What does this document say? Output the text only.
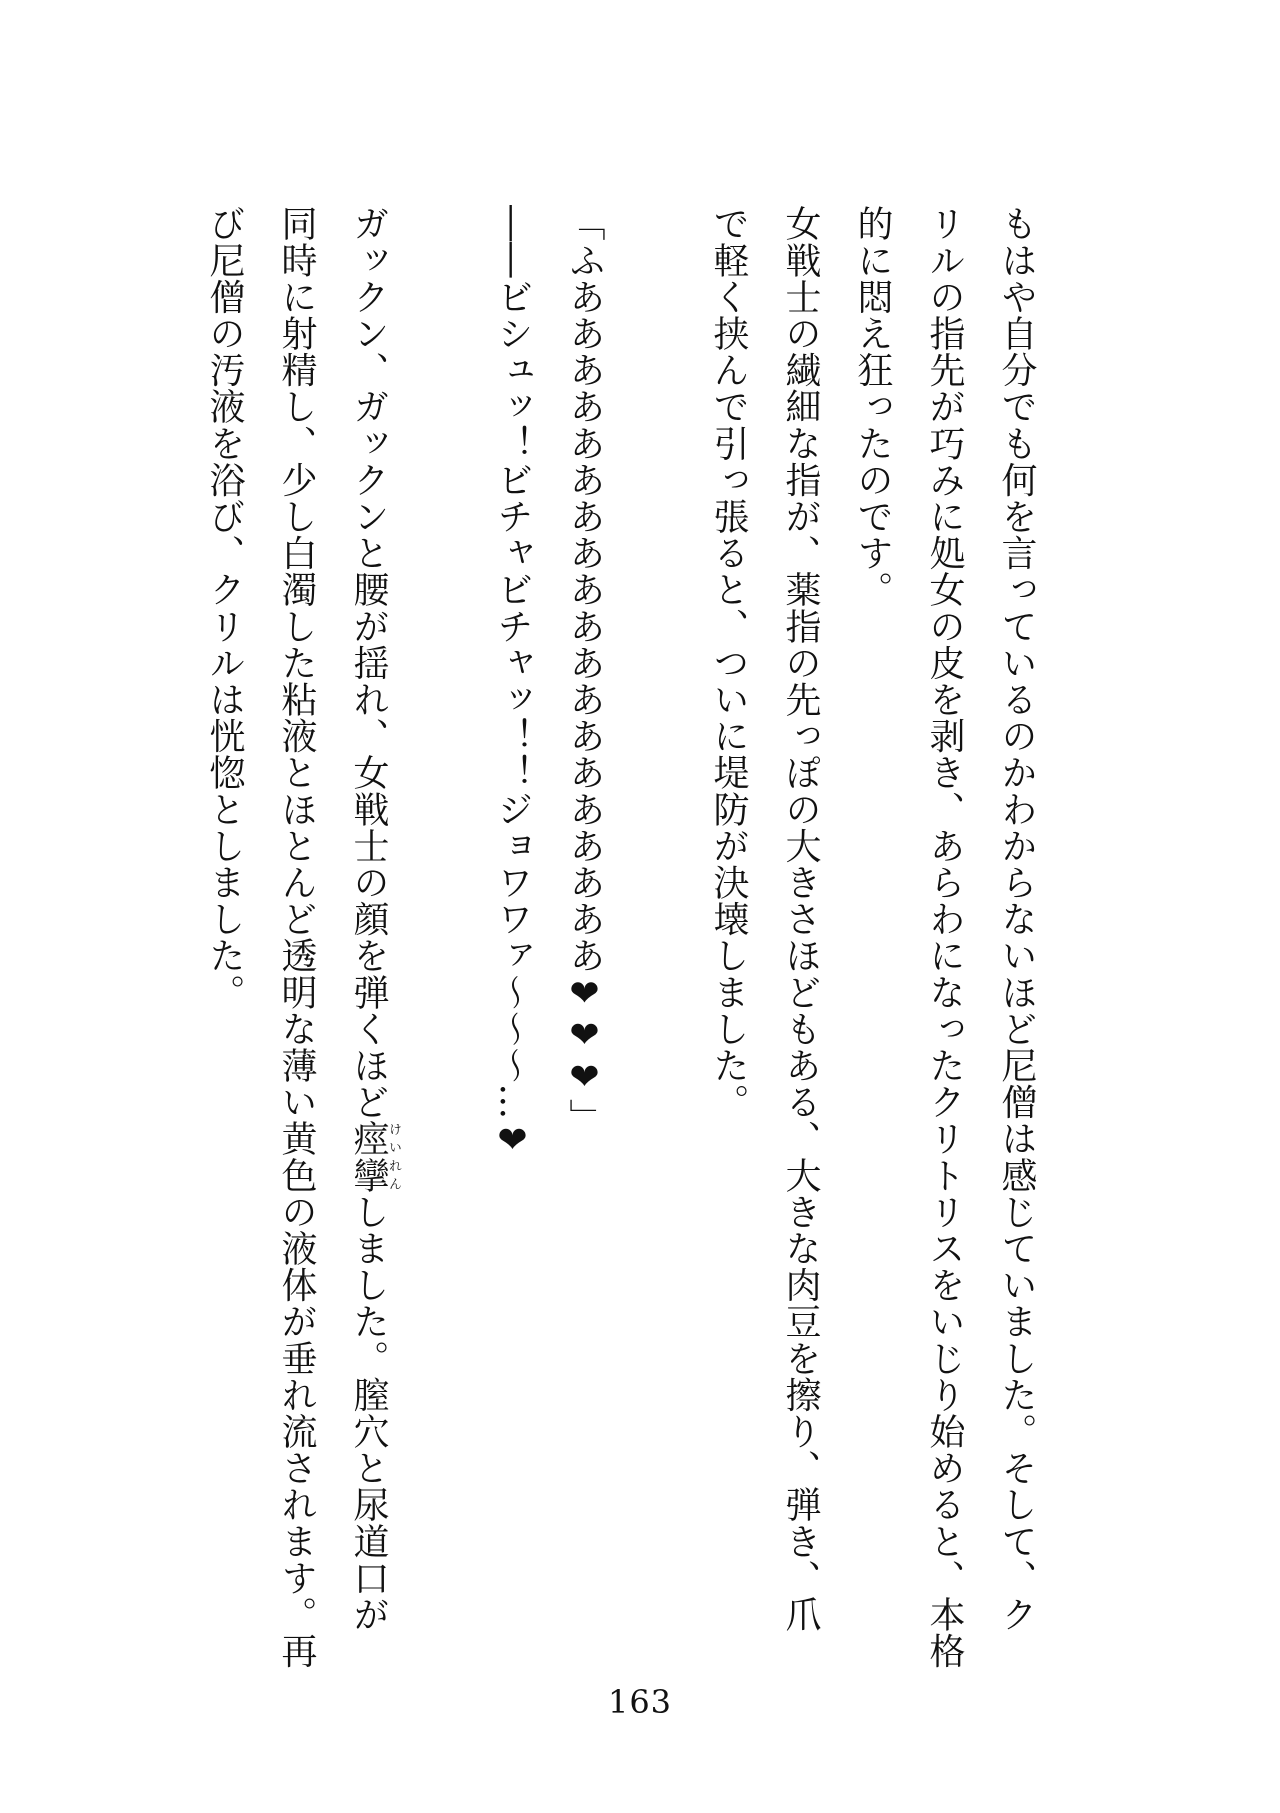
もはや自分でも何を言っているのかわからないほど尼僧は感じていました。そして、ク
リルの指先が巧みに処女の皮を剥き、あらわになったクリトリスをいじり始めると、本格
的に悶え狂ったのです。

女戦士の繊細な指が、薬指の先っぽの大きさほどもある、大きな肉豆を擦り、弾き、爪
で軽く挟んで引っ張ると、ついに堤防が決壊しました。

「ふあああああああああああああああああああ❤❤❤」

――ビシュッ！ビチャビチャッ！！ジョワワァ～～～…❤

ガックン、ガックンと腰が揺れ、女戦士の顔を弾くほど痙攣けいれんしました。膣穴と尿道口が
同時に射精し、少し白濁した粘液とほとんど透明な薄い黄色の液体が垂れ流されます。再
び尼僧の汚液を浴び、クリルは恍惚としました。

163
